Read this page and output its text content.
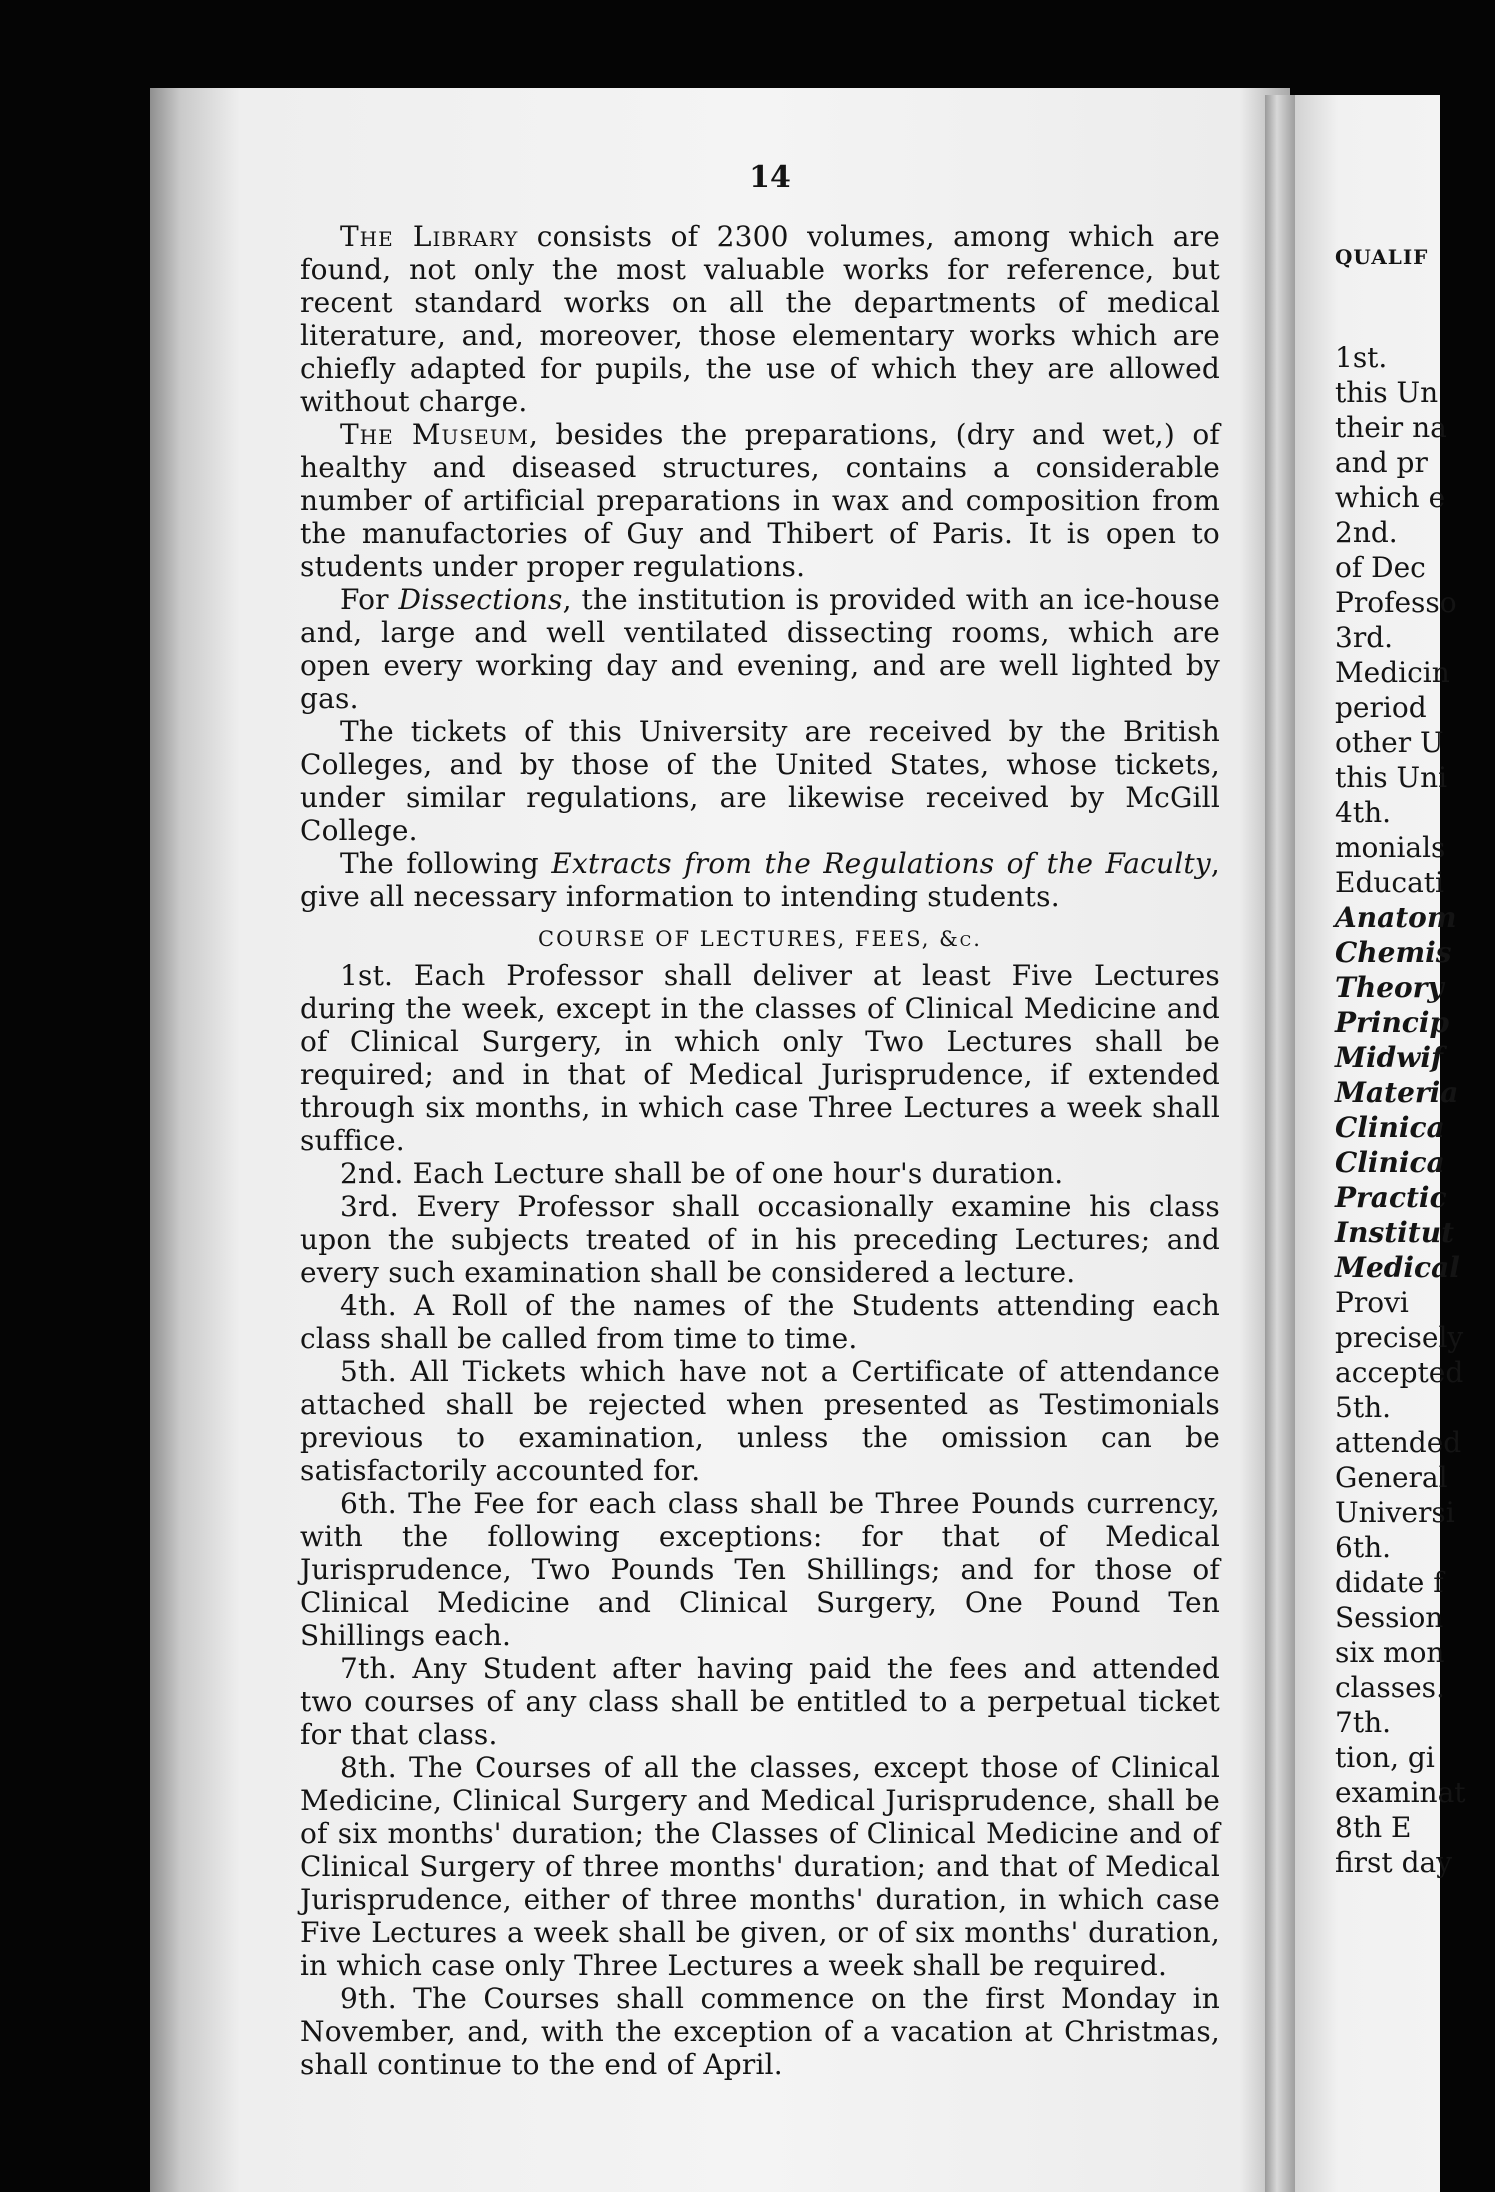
QUALIF
1st.
this Un
their na
and pr
which e
2nd.
of Dec
Professo
3rd.
Medicin
period
other U
this Uni
4th.
monials
Educati
Anatom
Chemis
Theory
Princip
Midwif
Materia
Clinica
Clinica
Practic
Institut
Medical
Provi
precisely
accepted
5th.
attended
General
Universi
6th.
didate f
Session
six mon
classes.
7th.
tion, gi
examinat
8th E
first day
14

The Library consists of 2300 volumes, among which are found, not only the most valuable works for reference, but recent standard works on all the departments of medical literature, and, moreover, those elementary works which are chiefly adapted for pupils, the use of which they are allowed without charge.

The Museum, besides the preparations, (dry and wet,) of healthy and diseased structures, contains a considerable number of artificial preparations in wax and composition from the manufactories of Guy and Thibert of Paris. It is open to students under proper regulations.

For Dissections, the institution is provided with an ice-house and, large and well ventilated dissecting rooms, which are open every working day and evening, and are well lighted by gas.

The tickets of this University are received by the British Colleges, and by those of the United States, whose tickets, under similar regulations, are likewise received by McGill College.

The following Extracts from the Regulations of the Faculty, give all necessary information to intending students.

COURSE OF LECTURES, FEES, &c.

1st. Each Professor shall deliver at least Five Lectures during the week, except in the classes of Clinical Medicine and of Clinical Surgery, in which only Two Lectures shall be required; and in that of Medical Jurisprudence, if extended through six months, in which case Three Lectures a week shall suffice.

2nd. Each Lecture shall be of one hour's duration.

3rd. Every Professor shall occasionally examine his class upon the subjects treated of in his preceding Lectures; and every such examination shall be considered a lecture.

4th. A Roll of the names of the Students attending each class shall be called from time to time.

5th. All Tickets which have not a Certificate of attendance attached shall be rejected when presented as Testimonials previous to examination, unless the omission can be satisfactorily accounted for.

6th. The Fee for each class shall be Three Pounds currency, with the following exceptions: for that of Medical Jurisprudence, Two Pounds Ten Shillings; and for those of Clinical Medicine and Clinical Surgery, One Pound Ten Shillings each.

7th. Any Student after having paid the fees and attended two courses of any class shall be entitled to a perpetual ticket for that class.

8th. The Courses of all the classes, except those of Clinical Medicine, Clinical Surgery and Medical Jurisprudence, shall be of six months' duration; the Classes of Clinical Medicine and of Clinical Surgery of three months' duration; and that of Medical Jurisprudence, either of three months' duration, in which case Five Lectures a week shall be given, or of six months' duration, in which case only Three Lectures a week shall be required.

9th. The Courses shall commence on the first Monday in November, and, with the exception of a vacation at Christmas, shall continue to the end of April.
